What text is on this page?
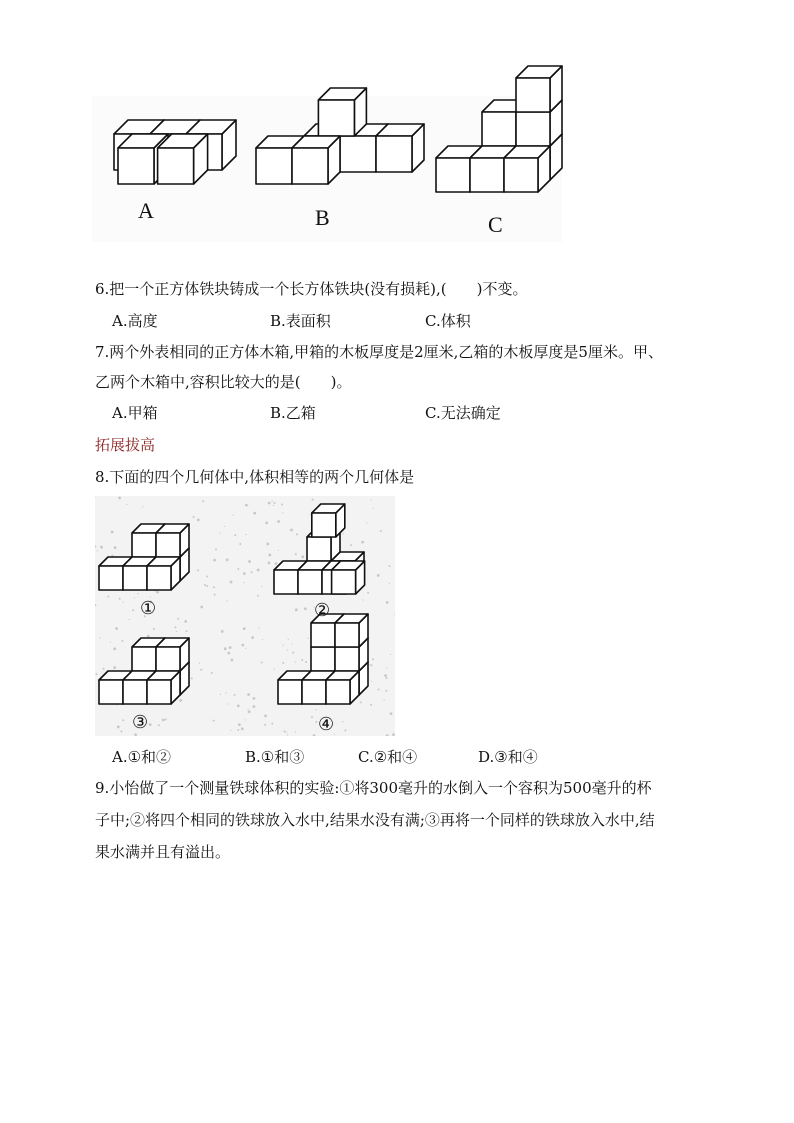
A	B	C
6.把一个正方体铁块铸成一个长方体铁块(没有损耗),(　　)不变。
A.高度	B.表面积	C.体积
7.两个外表相同的正方体木箱,甲箱的木板厚度是2厘米,乙箱的木板厚度是5厘米。甲、
乙两个木箱中,容积比较大的是(　　)。
A.甲箱	B.乙箱	C.无法确定
拓展拔高
8.下面的四个几何体中,体积相等的两个几何体是
①	②
③	④
A.①和②	B.①和③	C.②和④	D.③和④
9.小怡做了一个测量铁球体积的实验:①将300毫升的水倒入一个容积为500毫升的杯
子中;②将四个相同的铁球放入水中,结果水没有满;③再将一个同样的铁球放入水中,结
果水满并且有溢出。
